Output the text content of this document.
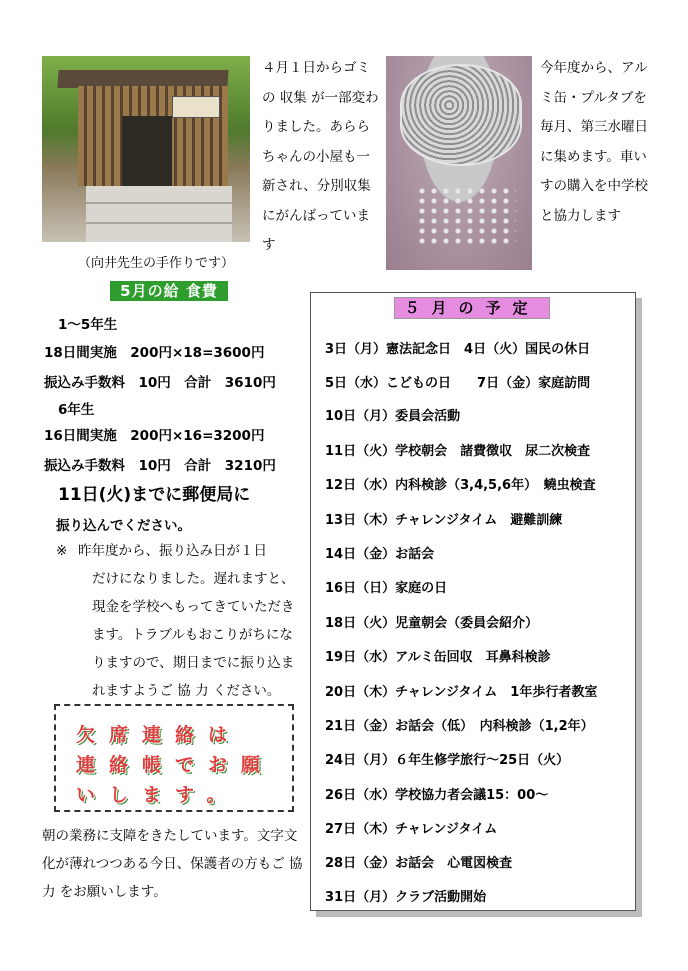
（向井先生の手作りです）
４月１日からゴミの 収集 が一部変わりました。あららちゃんの小屋も一新され、分別収集にがんばっています
今年度から、アルミ缶・プルタブを毎月、第三水曜日に集めます。車いすの購入を中学校と協力します
5月の給 食費
1～5年生
18日間実施　200円×18=3600円
振込み手数料　10円　合計　3610円
6年生
16日間実施　200円×16=3200円
振込み手数料　10円　合計　3210円
11日(火)までに郵便局に
振り込んでください。
※ 昨年度から、振り込み日が１日
だけになりました。遅れますと、
現金を学校へもってきていただき
ます。トラブルもおこりがちにな
りますので、期日までに振り込ま
れますようご 協 力 ください。
欠席連絡は
連絡帳でお願
いします。
朝の業務に支障をきたしています。文字文化が薄れつつある今日、保護者の方もご 協力 をお願いします。
５月の予定
3日（月）憲法記念日　4日（火）国民の休日
5日（水）こどもの日　　7日（金）家庭訪問
10日（月）委員会活動
11日（火）学校朝会　諸費徴収　尿二次検査
12日（水）内科検診（3,4,5,6年）　蟯虫検査
13日（木）チャレンジタイム　避難訓練
14日（金）お話会
16日（日）家庭の日
18日（火）児童朝会（委員会紹介）
19日（水）アルミ缶回収　耳鼻科検診
20日（木）チャレンジタイム　1年歩行者教室
21日（金）お話会（低）　内科検診（1,2年）
24日（月）６年生修学旅行～25日（火）
26日（水）学校協力者会議15：00～
27日（木）チャレンジタイム
28日（金）お話会　心電図検査
31日（月）クラブ活動開始
